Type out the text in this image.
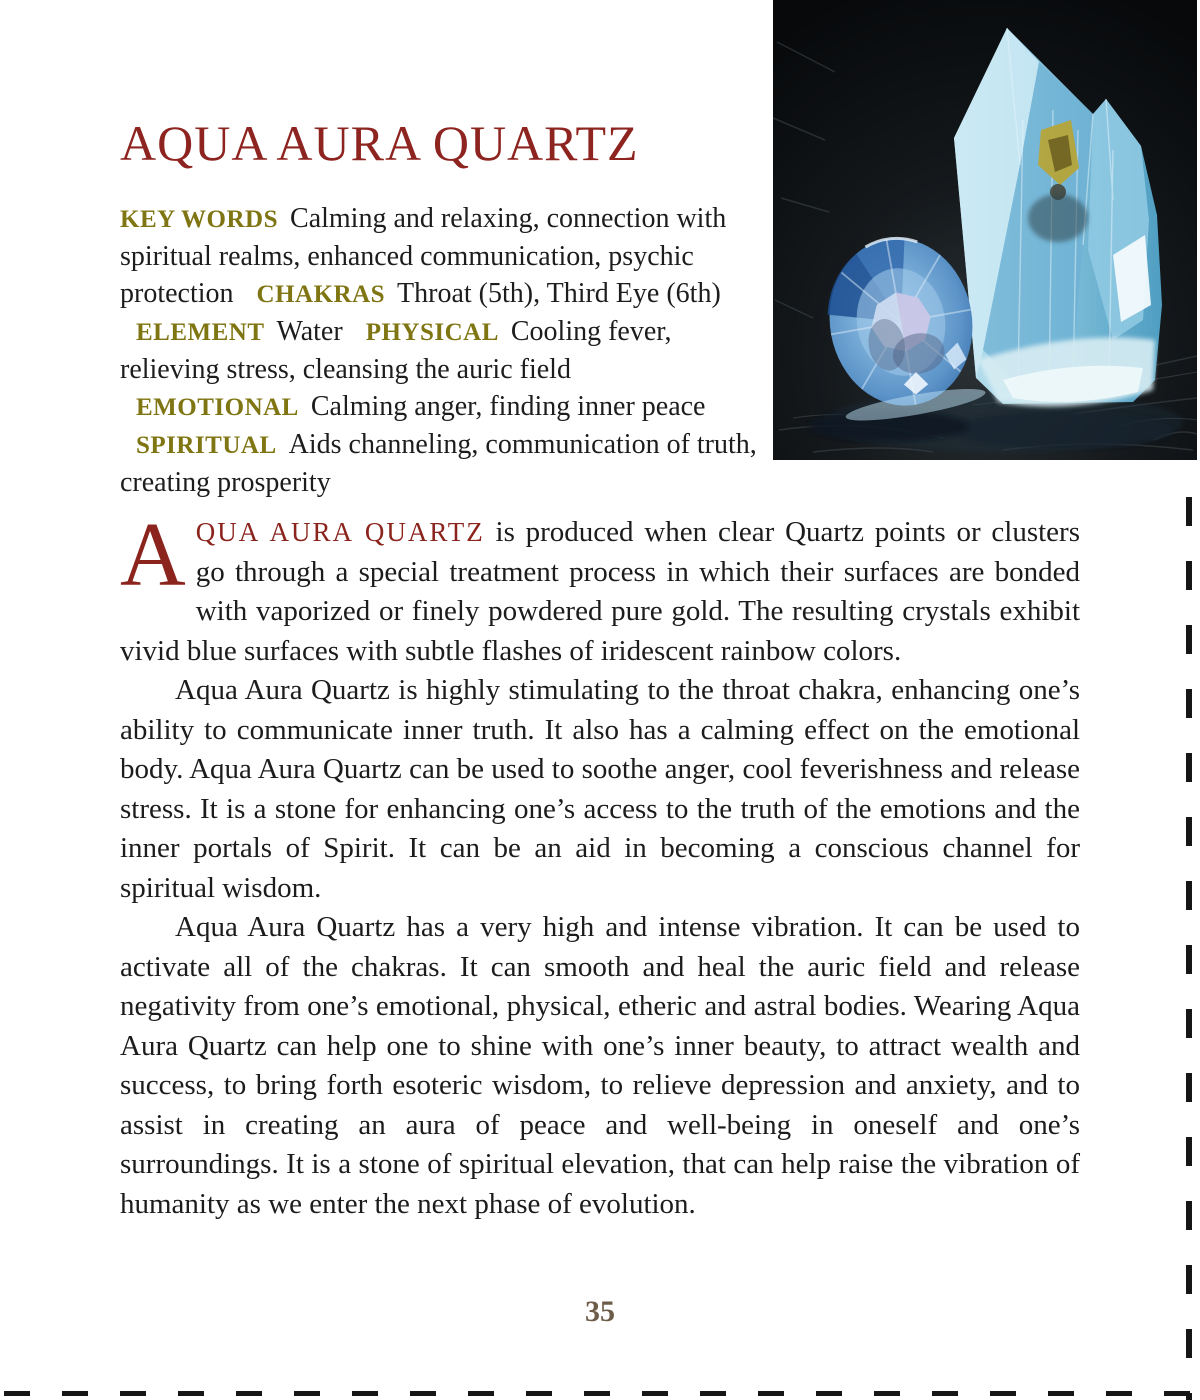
AQUA AURA QUARTZ

KEY WORDS Calming and relaxing, connection with spiritual realms, enhanced communication, psychic protection CHAKRAS Throat (5th), Third Eye (6th) ELEMENT Water PHYSICAL Cooling fever, relieving stress, cleansing the auric field EMOTIONAL Calming anger, finding inner peace SPIRITUAL Aids channeling, communication of truth, creating prosperity

AQUA AURA QUARTZ is produced when clear Quartz points or clusters go through a special treatment process in which their surfaces are bonded with vaporized or finely powdered pure gold. The resulting crystals exhibit vivid blue surfaces with subtle flashes of iridescent rainbow colors.

Aqua Aura Quartz is highly stimulating to the throat chakra, enhancing one’s ability to communicate inner truth. It also has a calming effect on the emotional body. Aqua Aura Quartz can be used to soothe anger, cool feverishness and release stress. It is a stone for enhancing one’s access to the truth of the emotions and the inner portals of Spirit. It can be an aid in becoming a conscious channel for spiritual wisdom.

Aqua Aura Quartz has a very high and intense vibration. It can be used to activate all of the chakras. It can smooth and heal the auric field and release negativity from one’s emotional, physical, etheric and astral bodies. Wearing Aqua Aura Quartz can help one to shine with one’s inner beauty, to attract wealth and success, to bring forth esoteric wisdom, to relieve depression and anxiety, and to assist in creating an aura of peace and well-being in oneself and one’s surroundings. It is a stone of spiritual elevation, that can help raise the vibration of humanity as we enter the next phase of evolution.

35
